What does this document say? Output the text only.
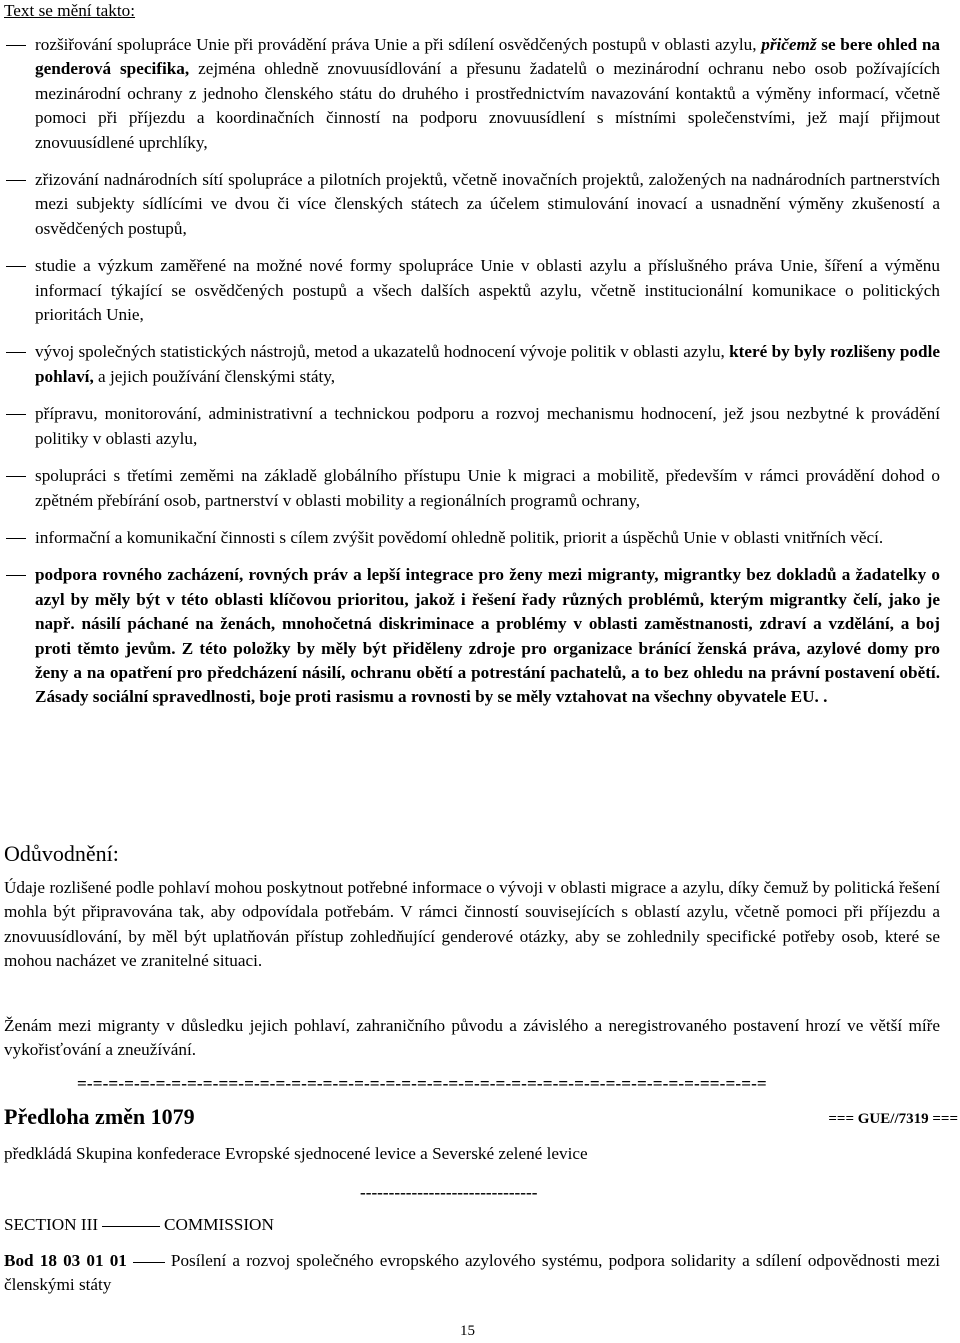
Text se mění takto:
rozšiřování spolupráce Unie při provádění práva Unie a při sdílení osvědčených postupů v oblasti azylu, přičemž se bere ohled na genderová specifika, zejména ohledně znovuusídlování a přesunu žadatelů o mezinárodní ochranu nebo osob požívajících mezinárodní ochrany z jednoho členského státu do druhého i prostřednictvím navazování kontaktů a výměny informací, včetně pomoci při příjezdu a koordinačních činností na podporu znovuusídlení s místními společenstvími, jež mají přijmout znovuusídlené uprchlíky,
zřizování nadnárodních sítí spolupráce a pilotních projektů, včetně inovačních projektů, založených na nadnárodních partnerstvích mezi subjekty sídlícími ve dvou či více členských státech za účelem stimulování inovací a usnadnění výměny zkušeností a osvědčených postupů,
studie a výzkum zaměřené na možné nové formy spolupráce Unie v oblasti azylu a příslušného práva Unie, šíření a výměnu informací týkající se osvědčených postupů a všech dalších aspektů azylu, včetně institucionální komunikace o politických prioritách Unie,
vývoj společných statistických nástrojů, metod a ukazatelů hodnocení vývoje politik v oblasti azylu, které by byly rozlišeny podle pohlaví, a jejich používání členskými státy,
přípravu, monitorování, administrativní a technickou podporu a rozvoj mechanismu hodnocení, jež jsou nezbytné k provádění politiky v oblasti azylu,
spolupráci s třetími zeměmi na základě globálního přístupu Unie k migraci a mobilitě, především v rámci provádění dohod o zpětném přebírání osob, partnerství v oblasti mobility a regionálních programů ochrany,
informační a komunikační činnosti s cílem zvýšit povědomí ohledně politik, priorit a úspěchů Unie v oblasti vnitřních věcí.
podpora rovného zacházení, rovných práv a lepší integrace pro ženy mezi migranty, migrantky bez dokladů a žadatelky o azyl by měly být v této oblasti klíčovou prioritou, jakož i řešení řady různých problémů, kterým migrantky čelí, jako je např. násilí páchané na ženách, mnohočetná diskriminace a problémy v oblasti zaměstnanosti, zdraví a vzdělání, a boj proti těmto jevům. Z této položky by měly být přiděleny zdroje pro organizace bránící ženská práva, azylové domy pro ženy a na opatření pro předcházení násilí, ochranu obětí a potrestání pachatelů, a to bez ohledu na právní postavení obětí. Zásady sociální spravedlnosti, boje proti rasismu a rovnosti by se měly vztahovat na všechny obyvatele EU. .
Odůvodnění:
Údaje rozlišené podle pohlaví mohou poskytnout potřebné informace o vývoji v oblasti migrace a azylu, díky čemuž by politická řešení mohla být připravována tak, aby odpovídala potřebám. V rámci činností souvisejících s oblastí azylu, včetně pomoci při příjezdu a znovuusídlování, by měl být uplatňován přístup zohledňující genderové otázky, aby se zohlednily specifické potřeby osob, které se mohou nacházet ve zranitelné situaci.
Ženám mezi migranty v důsledku jejich pohlaví, zahraničního původu a závislého a neregistrovaného postavení hrozí ve větší míře vykořisťování a zneužívání.
=-=-=-=-=-=-=-=-=-==-=-=-=-=-=-=-=-=-=-=-=-=-=-=-=-=-=-=-=-=-=-=-=-=-=-=-=-=-=-==-=-=-=
Předloha změn 1079	=== GUE//7319 ===
předkládá Skupina konfederace Evropské sjednocené levice a Severské zelené levice
-------------------------------
SECTION III	COMMISSION
Bod 18 03 01 01	Posílení a rozvoj společného evropského azylového systému, podpora solidarity a sdílení odpovědnosti mezi členskými státy
15
